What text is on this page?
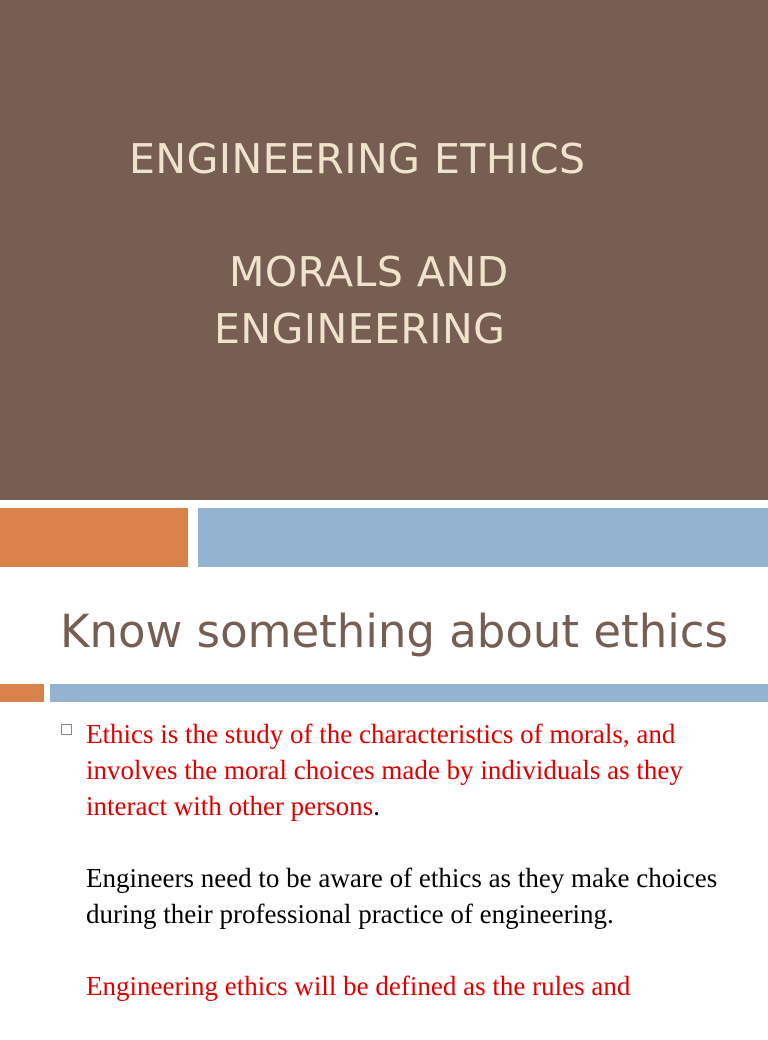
ENGINEERING ETHICS
MORALS AND
ENGINEERING
Know something about ethics

Ethics is the study of the characteristics of morals, and involves the moral choices made by individuals as they interact with other persons.

Engineers need to be aware of ethics as they make choices during their professional practice of engineering.

Engineering ethics will be defined as the rules and
